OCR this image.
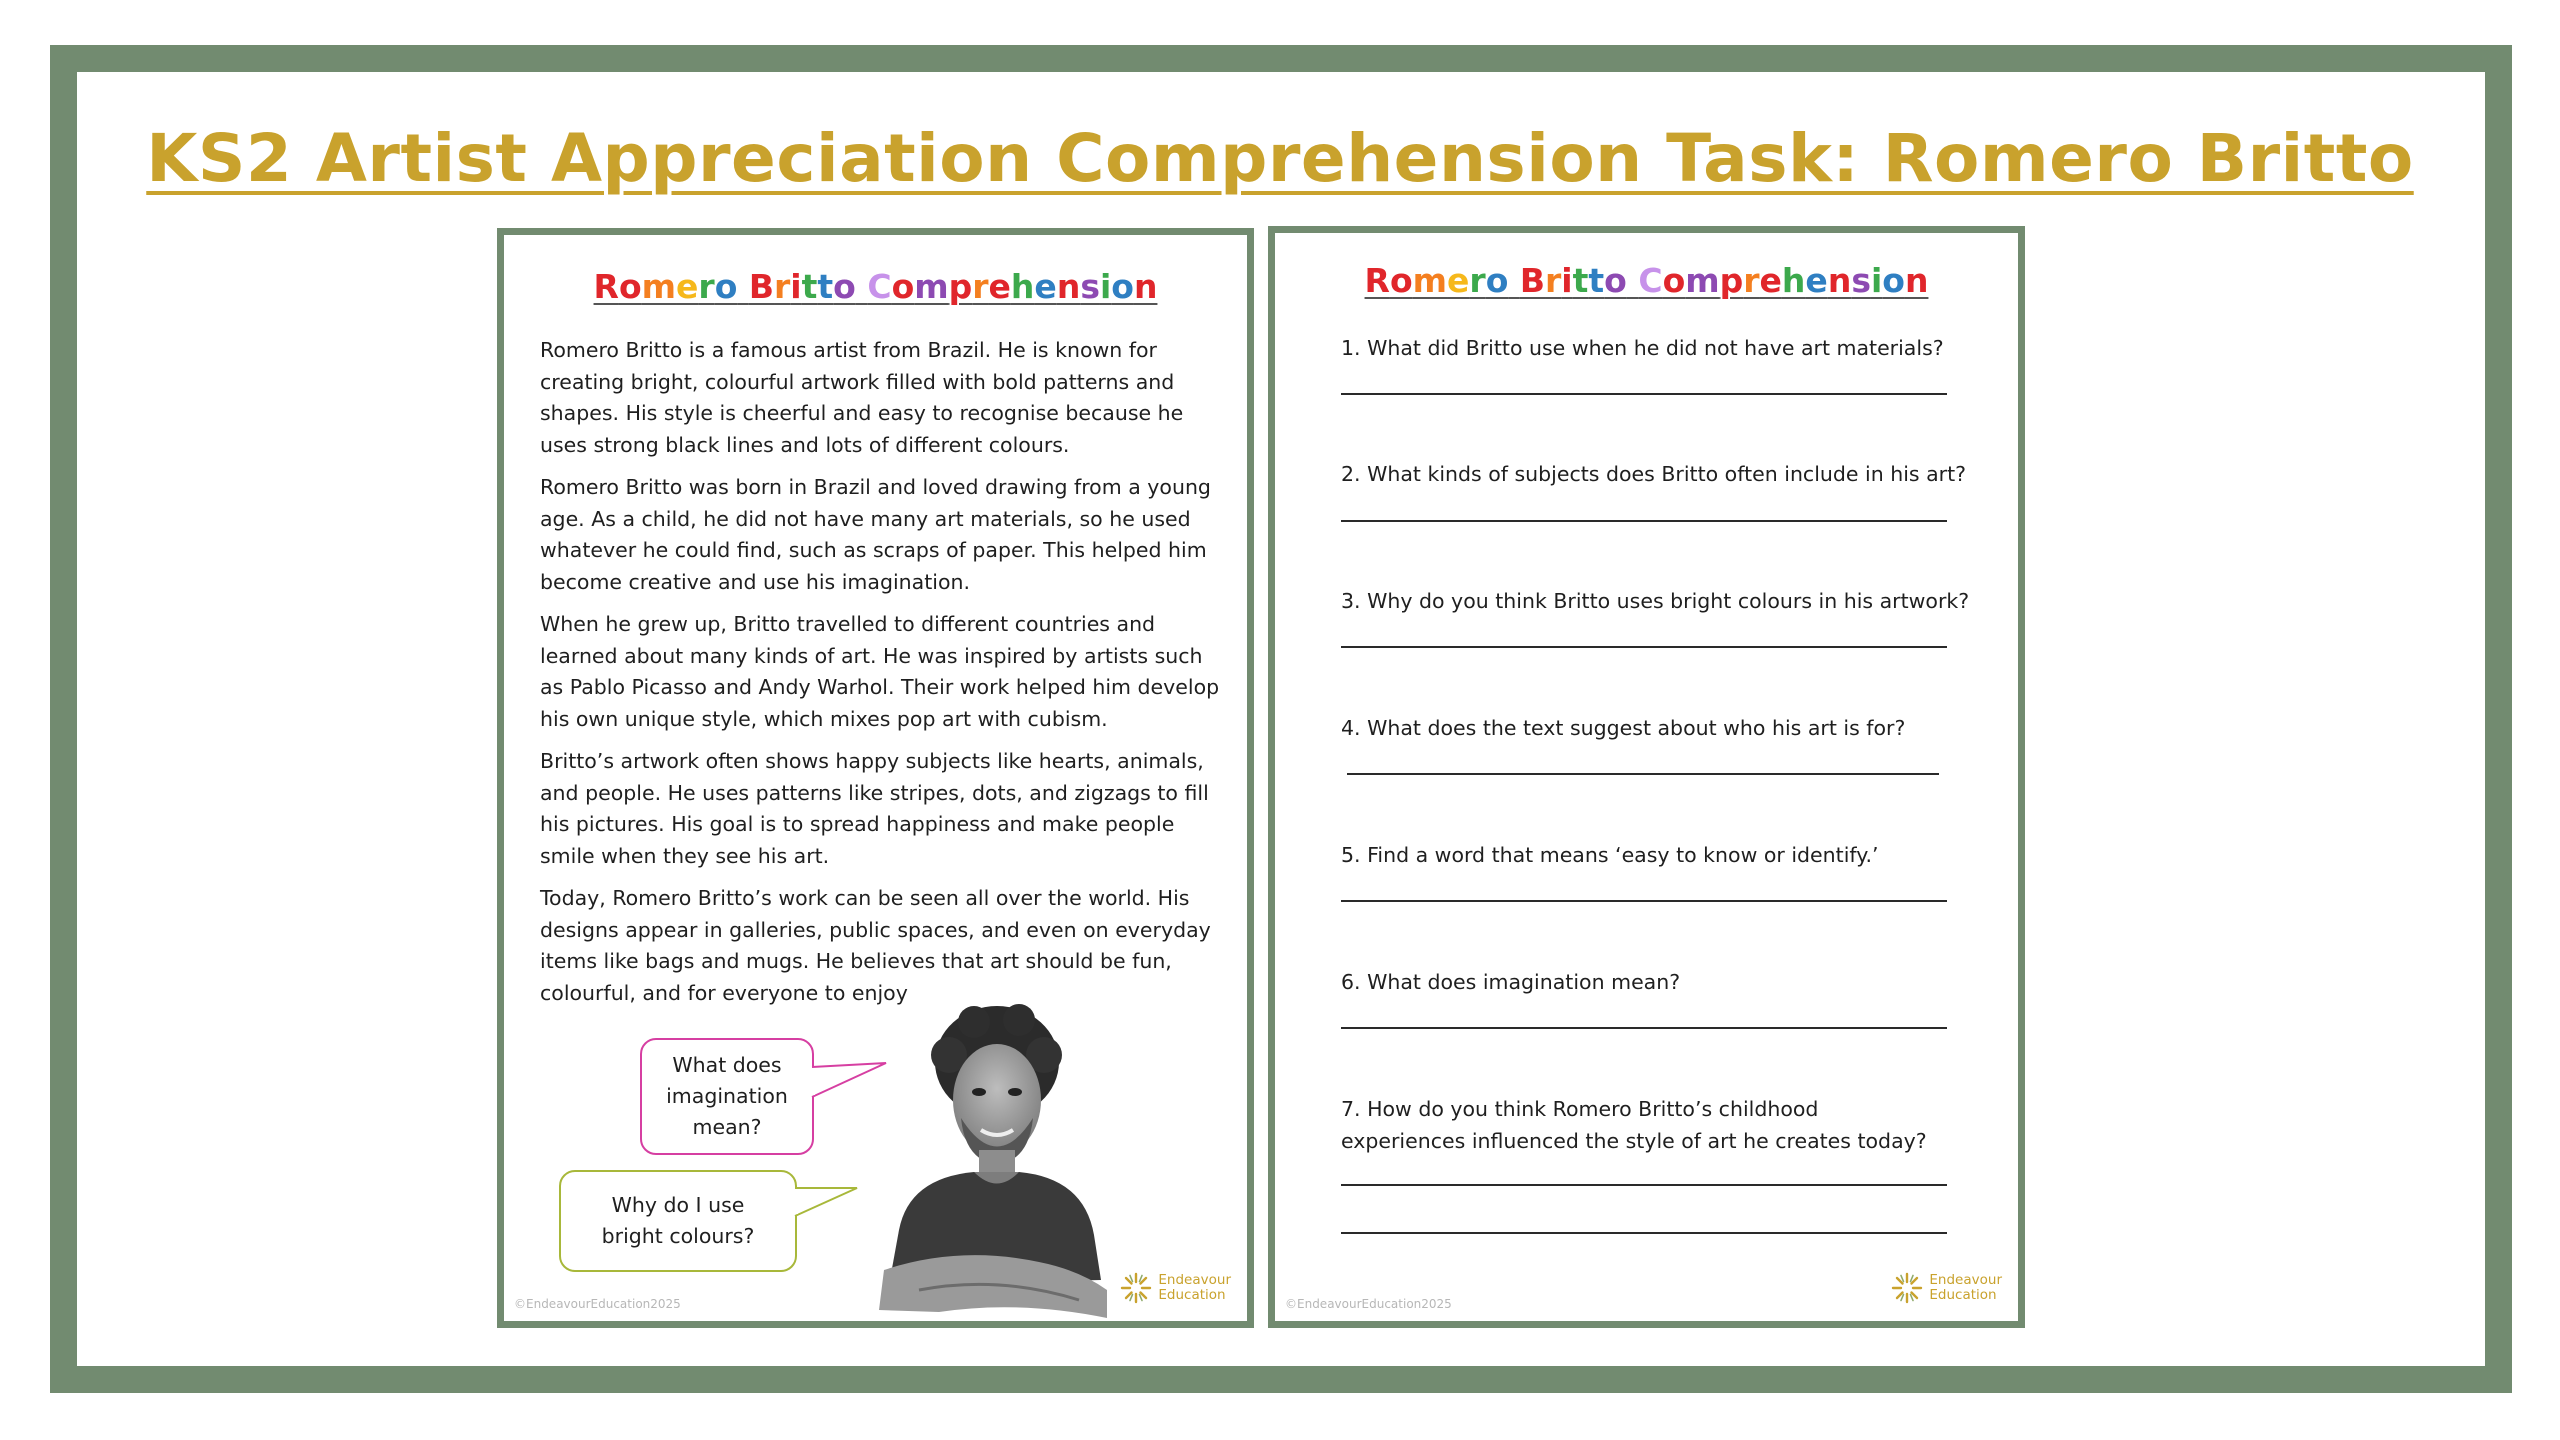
KS2 Artist Appreciation Comprehension Task: Romero Britto
Romero Britto Comprehension

Romero Britto is a famous artist from Brazil. He is known for creating bright, colourful artwork filled with bold patterns and shapes. His style is cheerful and easy to recognise because he uses strong black lines and lots of different colours.

Romero Britto was born in Brazil and loved drawing from a young age. As a child, he did not have many art materials, so he used whatever he could find, such as scraps of paper. This helped him become creative and use his imagination.

When he grew up, Britto travelled to different countries and learned about many kinds of art. He was inspired by artists such as Pablo Picasso and Andy Warhol. Their work helped him develop his own unique style, which mixes pop art with cubism.

Britto’s artwork often shows happy subjects like hearts, animals, and people. He uses patterns like stripes, dots, and zigzags to fill his pictures. His goal is to spread happiness and make people smile when they see his art.

Today, Romero Britto’s work can be seen all over the world. His designs appear in galleries, public spaces, and even on everyday items like bags and mugs. He believes that art should be fun, colourful, and for everyone to enjoy

What does imagination mean?
Why do I use bright colours?
©EndeavourEducation2025
Endeavour
Education
Romero Britto Comprehension
1. What did Britto use when he did not have art materials?
2. What kinds of subjects does Britto often include in his art?
3. Why do you think Britto uses bright colours in his artwork?
4. What does the text suggest about who his art is for?
5. Find a word that means ‘easy to know or identify.’
6. What does imagination mean?
7. How do you think Romero Britto’s childhood experiences influenced the style of art he creates today?
©EndeavourEducation2025
Endeavour
Education
